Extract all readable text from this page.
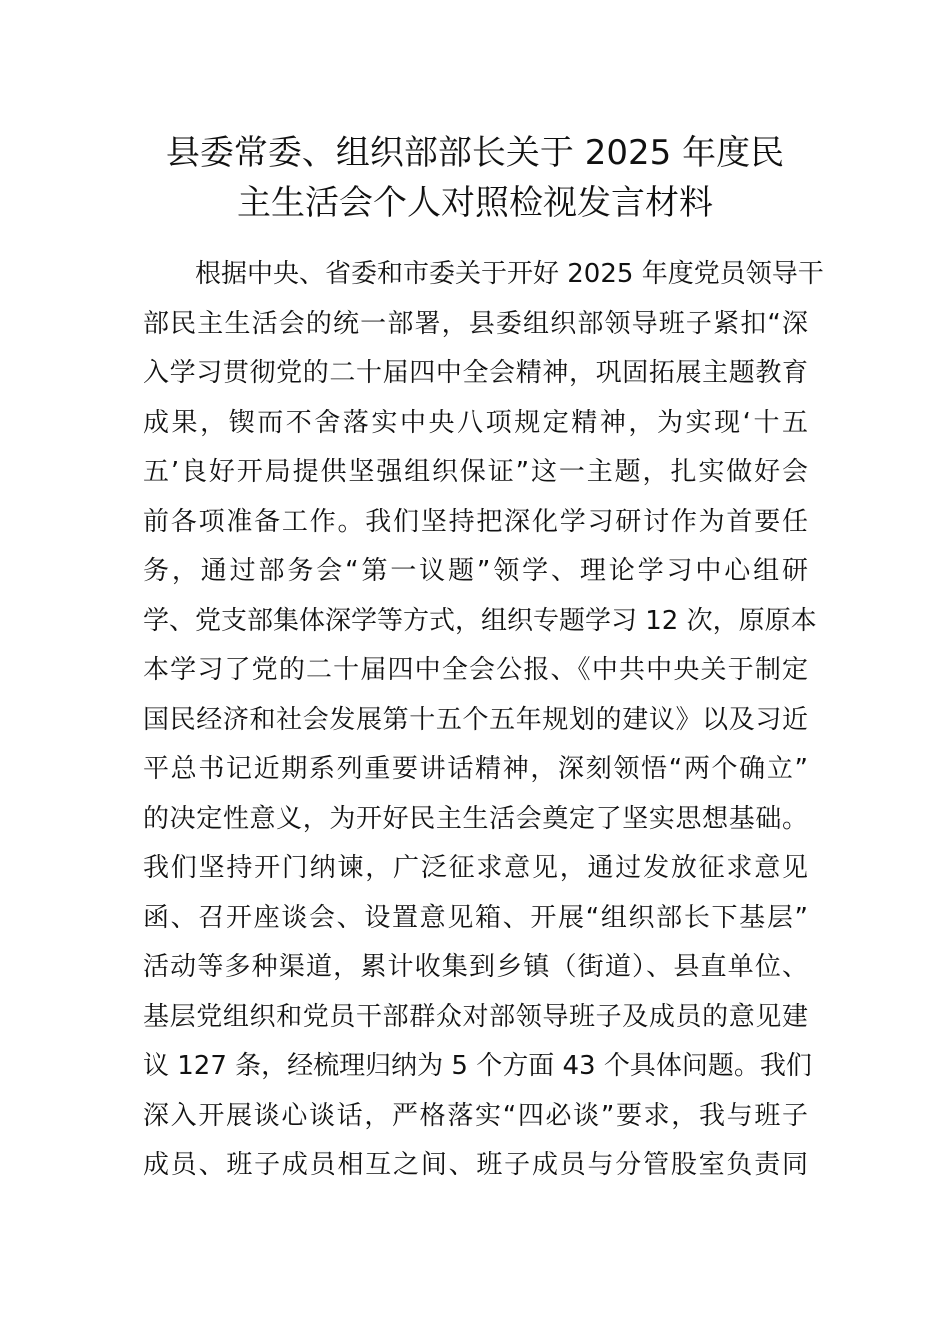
县委常委、组织部部长关于 2025 年度民
主生活会个人对照检视发言材料
根据中央、省委和市委关于开好 2025 年度党员领导干
部民主生活会的统一部署，县委组织部领导班子紧扣“深
入学习贯彻党的二十届四中全会精神，巩固拓展主题教育
成果，锲而不舍落实中央八项规定精神，为实现‘十五
五’良好开局提供坚强组织保证”这一主题，扎实做好会
前各项准备工作。我们坚持把深化学习研讨作为首要任
务，通过部务会“第一议题”领学、理论学习中心组研
学、党支部集体深学等方式，组织专题学习 12 次，原原本
本学习了党的二十届四中全会公报、《中共中央关于制定
国民经济和社会发展第十五个五年规划的建议》以及习近
平总书记近期系列重要讲话精神，深刻领悟“两个确立”
的决定性意义，为开好民主生活会奠定了坚实思想基础。
我们坚持开门纳谏，广泛征求意见，通过发放征求意见
函、召开座谈会、设置意见箱、开展“组织部长下基层”
活动等多种渠道，累计收集到乡镇（街道）、县直单位、
基层党组织和党员干部群众对部领导班子及成员的意见建
议 127 条，经梳理归纳为 5 个方面 43 个具体问题。我们
深入开展谈心谈话，严格落实“四必谈”要求，我与班子
成员、班子成员相互之间、班子成员与分管股室负责同
